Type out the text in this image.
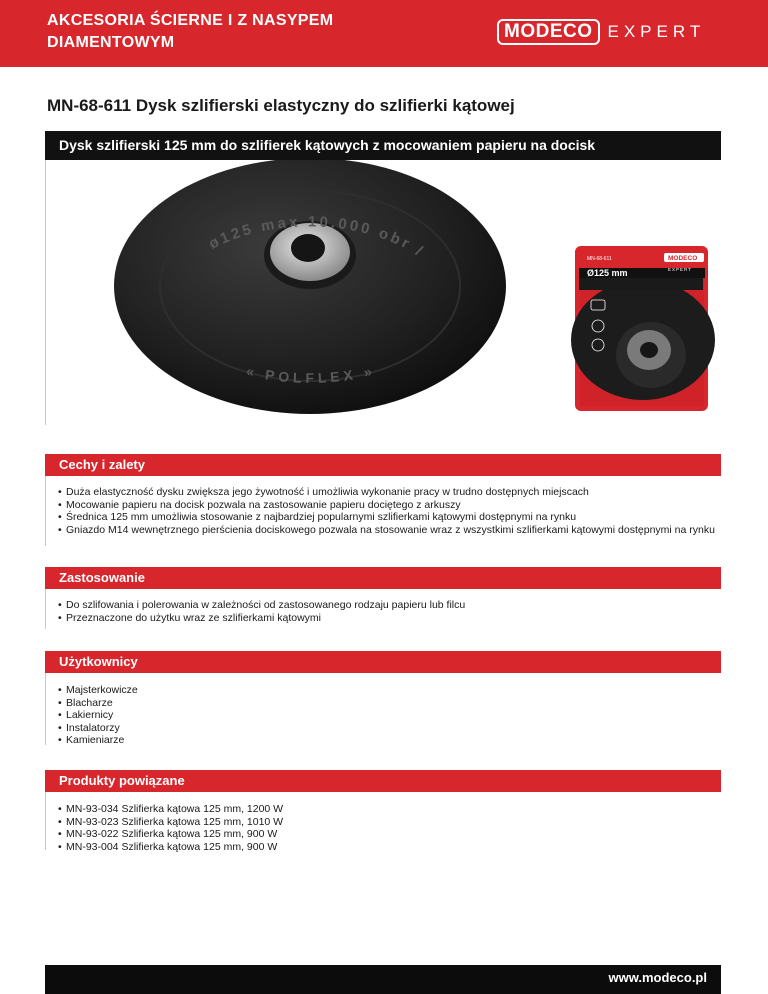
AKCESORIA ŚCIERNE I Z NASYPEM DIAMENTOWYM
MODECO EXPERT
MN-68-611 Dysk szlifierski elastyczny do szlifierki kątowej
Dysk szlifierski 125 mm do szlifierek kątowych z mocowaniem papieru na docisk
ø125 max 10.000 obr /
« POLFLEX »
MN-68-611	MODECO
EXPERT
Ø125 mm
Cechy i zalety
• Duża elastyczność dysku zwiększa jego żywotność i umożliwia wykonanie pracy w trudno dostępnych miejscach
• Mocowanie papieru na docisk pozwala na zastosowanie papieru dociętego z arkuszy
• Średnica 125 mm umożliwia stosowanie z najbardziej popularnymi szlifierkami kątowymi dostępnymi na rynku
• Gniazdo M14 wewnętrznego pierścienia dociskowego pozwala na stosowanie wraz z wszystkimi szlifierkami kątowymi dostępnymi na rynku
Zastosowanie
• Do szlifowania i polerowania w zależności od zastosowanego rodzaju papieru lub filcu
• Przeznaczone do użytku wraz ze szlifierkami kątowymi
Użytkownicy
• Majsterkowicze
• Blacharze
• Lakiernicy
• Instalatorzy
• Kamieniarze
Produkty powiązane
• MN-93-034 Szlifierka kątowa 125 mm, 1200 W
• MN-93-023 Szlifierka kątowa 125 mm, 1010 W
• MN-93-022 Szlifierka kątowa 125 mm, 900 W
• MN-93-004 Szlifierka kątowa 125 mm, 900 W
www.modeco.pl
